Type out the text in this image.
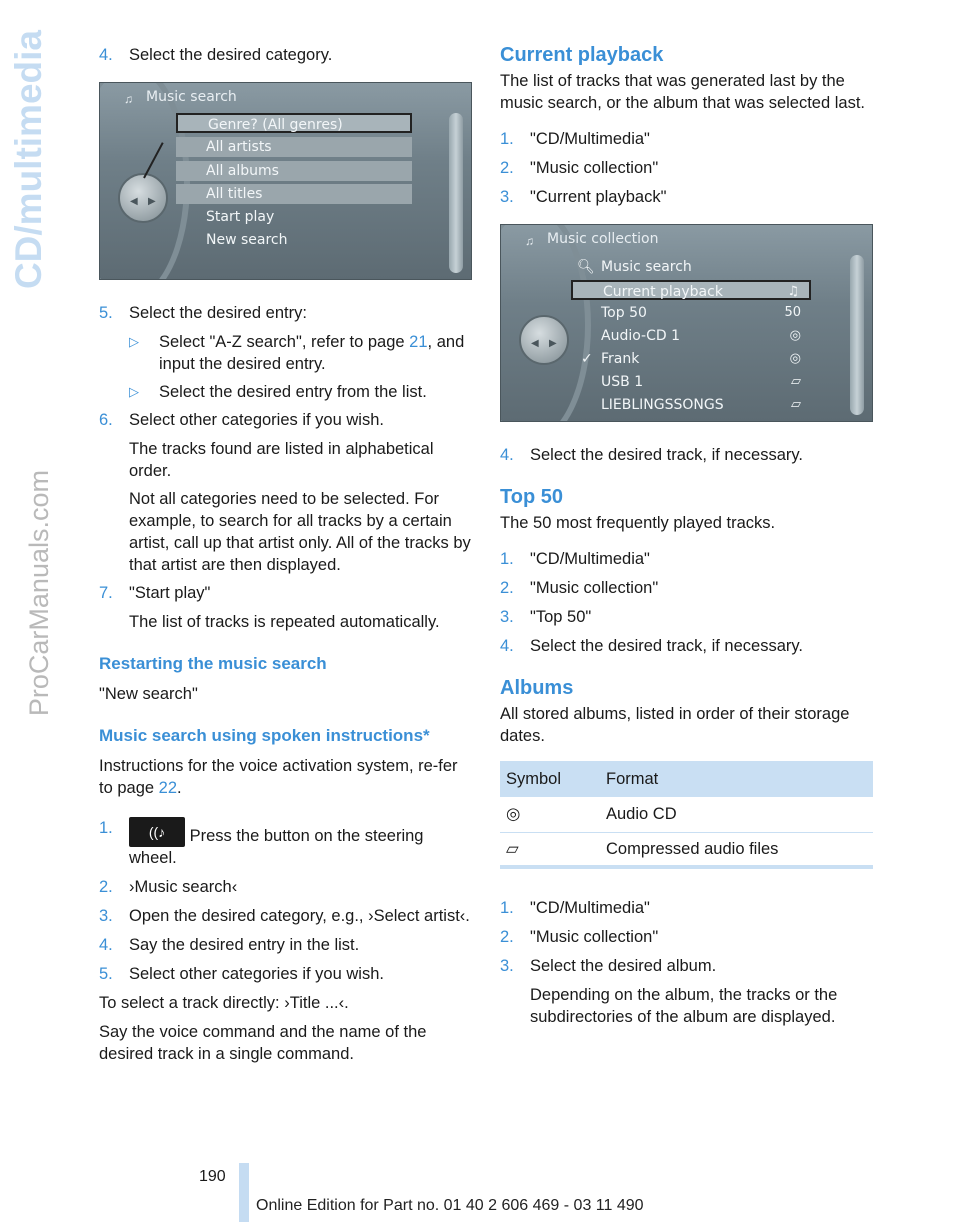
CD/multimedia
ProCarManuals.com
4. Select the desired category.
♫ Music search
◀ ▶
Genre? (All genres)
All artists
All albums
All titles
Start play
New search
5. Select the desired entry:
▷	Select "A-Z search", refer to page 21, and input the desired entry.
▷	Select the desired entry from the list.
6. Select other categories if you wish.
The tracks found are listed in alphabetical order.
Not all categories need to be selected. For example, to search for all tracks by a certain artist, call up that artist only. All of the tracks by that artist are then displayed.
7. "Start play"
The list of tracks is repeated automatically.
Restarting the music search
"New search"
Music search using spoken instructions*
Instructions for the voice activation system, re-fer to page 22.
1.	((♪ Press the button on the steering wheel.
2. ›Music search‹
3. Open the desired category, e.g., ›Select artist‹.
4. Say the desired entry in the list.
5. Select other categories if you wish.
To select a track directly: ›Title ...‹.
Say the voice command and the name of the desired track in a single command.
Current playback
The list of tracks that was generated last by the music search, or the album that was selected last.
1. "CD/Multimedia"
2. "Music collection"
3. "Current playback"
♫ Music collection
◀ ▶
🔍︎ Music search
Current playback	♫
Top 50	50
Audio-CD 1	◎
✓ Frank	◎
USB 1	▱
LIEBLINGSSONGS	▱
4. Select the desired track, if necessary.
Top 50
The 50 most frequently played tracks.
1. "CD/Multimedia"
2. "Music collection"
3. "Top 50"
4. Select the desired track, if necessary.
Albums
All stored albums, listed in order of their storage dates.
Symbol	Format
◎	Audio CD
▱	Compressed audio files
1. "CD/Multimedia"
2. "Music collection"
3. Select the desired album.
Depending on the album, the tracks or the subdirectories of the album are displayed.
190
Online Edition for Part no. 01 40 2 606 469 - 03 11 490
